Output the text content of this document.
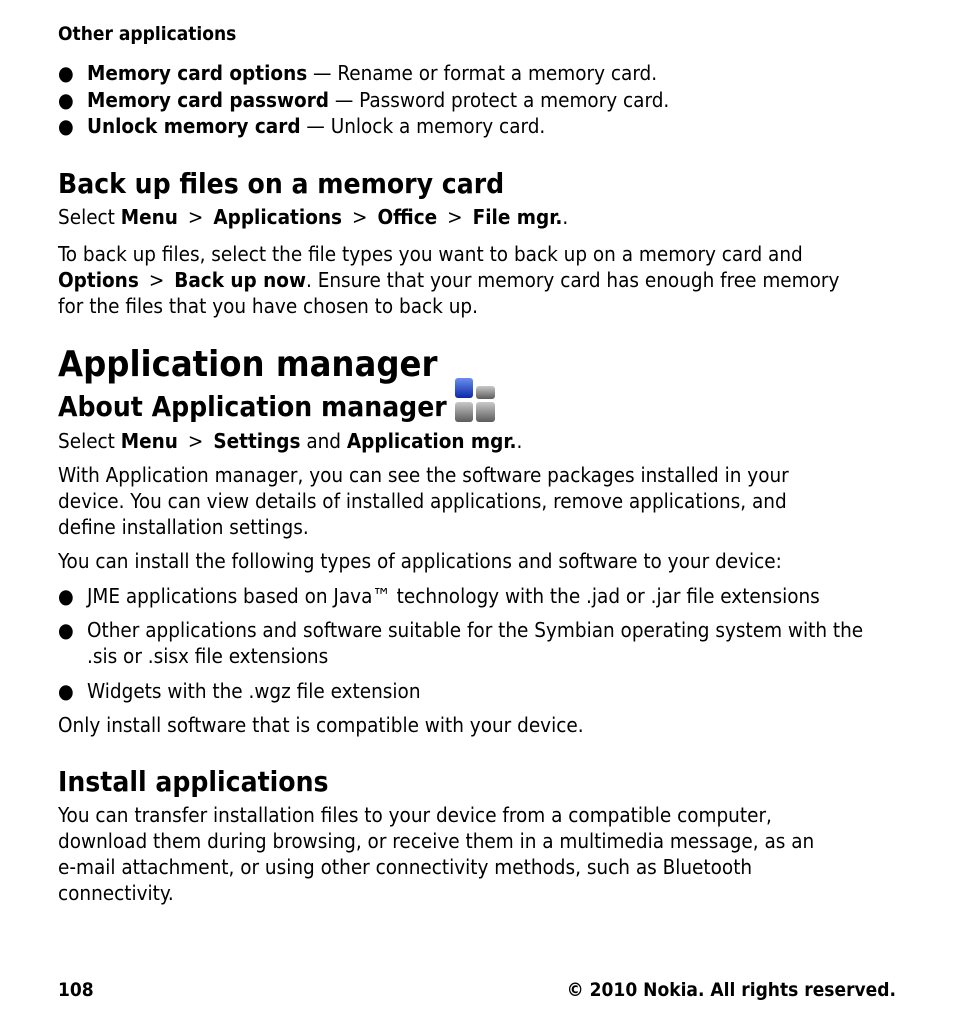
Other applications
● Memory card options — Rename or format a memory card.
● Memory card password — Password protect a memory card.
● Unlock memory card — Unlock a memory card.
Back up files on a memory card
Select Menu > Applications > Office > File mgr..
To back up files, select the file types you want to back up on a memory card and
Options > Back up now. Ensure that your memory card has enough free memory
for the files that you have chosen to back up.
Application manager
About Application manager
Select Menu > Settings and Application mgr..
With Application manager, you can see the software packages installed in your
device. You can view details of installed applications, remove applications, and
define installation settings.
You can install the following types of applications and software to your device:
● JME applications based on Java™ technology with the .jad or .jar file extensions
● Other applications and software suitable for the Symbian operating system with the .sis or .sisx file extensions
● Widgets with the .wgz file extension
Only install software that is compatible with your device.
Install applications
You can transfer installation files to your device from a compatible computer,
download them during browsing, or receive them in a multimedia message, as an
e-mail attachment, or using other connectivity methods, such as Bluetooth
connectivity.
108	© 2010 Nokia. All rights reserved.
